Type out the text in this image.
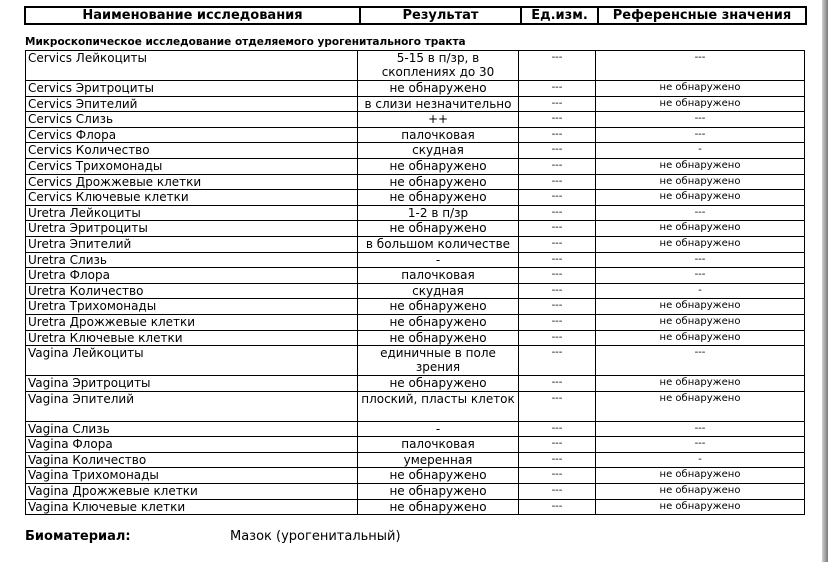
Наименование исследования	Результат	Ед.изм.	Референсные значения
Микроскопическое исследование отделяемого урогенитального тракта
Cervics Лейкоциты	5-15 в п/зр, в скоплениях до 30	---	---
Cervics Эритроциты	не обнаружено	---	не обнаружено
Cervics Эпителий	в слизи незначительно	---	не обнаружено
Cervics Слизь	++	---	---
Cervics Флора	палочковая	---	---
Cervics Количество	скудная	---	-
Cervics Трихомонады	не обнаружено	---	не обнаружено
Cervics Дрожжевые клетки	не обнаружено	---	не обнаружено
Cervics Ключевые клетки	не обнаружено	---	не обнаружено
Uretra Лейкоциты	1-2 в п/зр	---	---
Uretra Эритроциты	не обнаружено	---	не обнаружено
Uretra Эпителий	в большом количестве	---	не обнаружено
Uretra Слизь	-	---	---
Uretra Флора	палочковая	---	---
Uretra Количество	скудная	---	-
Uretra Трихомонады	не обнаружено	---	не обнаружено
Uretra Дрожжевые клетки	не обнаружено	---	не обнаружено
Uretra Ключевые клетки	не обнаружено	---	не обнаружено
Vagina Лейкоциты	единичные в поле зрения	---	---
Vagina Эритроциты	не обнаружено	---	не обнаружено
Vagina Эпителий	плоский, пласты клеток	---	не обнаружено
Vagina Слизь	-	---	---
Vagina Флора	палочковая	---	---
Vagina Количество	умеренная	---	-
Vagina Трихомонады	не обнаружено	---	не обнаружено
Vagina Дрожжевые клетки	не обнаружено	---	не обнаружено
Vagina Ключевые клетки	не обнаружено	---	не обнаружено
Биоматериал:	Мазок (урогенитальный)
